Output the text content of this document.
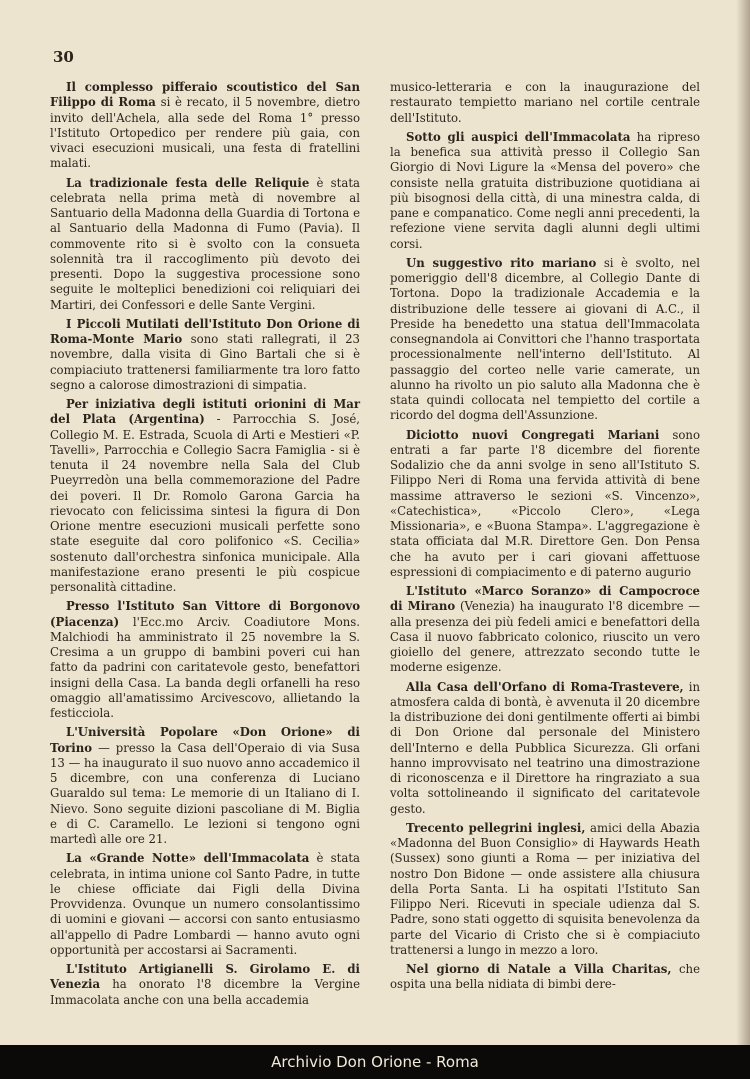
30

Il complesso pifferaio scoutistico del San Filippo di Roma si è recato, il 5 novembre, dietro invito dell'Achela, alla sede del Roma 1° presso l'Istituto Ortopedico per rendere più gaia, con vivaci esecuzioni musicali, una festa di fratellini malati.

La tradizionale festa delle Reliquie è stata celebrata nella prima metà di novembre al Santuario della Madonna della Guardia di Tortona e al Santuario della Madonna di Fumo (Pavia). Il commovente rito si è svolto con la consueta solennità tra il raccoglimento più devoto dei presenti. Dopo la suggestiva processione sono seguite le molteplici benedizioni coi reliquiari dei Martiri, dei Confessori e delle Sante Vergini.

I Piccoli Mutilati dell'Istituto Don Orione di Roma-Monte Mario sono stati rallegrati, il 23 novembre, dalla visita di Gino Bartali che si è compiaciuto trattenersi familiarmente tra loro fatto segno a calorose dimostrazioni di simpatia.

Per iniziativa degli istituti orionini di Mar del Plata (Argentina) - Parrocchia S. José, Collegio M. E. Estrada, Scuola di Arti e Mestieri «P. Tavelli», Parrocchia e Collegio Sacra Famiglia - si è tenuta il 24 novembre nella Sala del Club Pueyrredòn una bella commemorazione del Padre dei poveri. Il Dr. Romolo Garona Garcia ha rievocato con felicissima sintesi la figura di Don Orione mentre esecuzioni musicali perfette sono state eseguite dal coro polifonico «S. Cecilia» sostenuto dall'orchestra sinfonica municipale. Alla manifestazione erano presenti le più cospicue personalità cittadine.

Presso l'Istituto San Vittore di Borgonovo (Piacenza) l'Ecc.mo Arciv. Coadiutore Mons. Malchiodi ha amministrato il 25 novembre la S. Cresima a un gruppo di bambini poveri cui han fatto da padrini con caritatevole gesto, benefattori insigni della Casa. La banda degli orfanelli ha reso omaggio all'amatissimo Arcivescovo, allietando la festicciola.

L'Università Popolare «Don Orione» di Torino — presso la Casa dell'Operaio di via Susa 13 — ha inaugurato il suo nuovo anno accademico il 5 dicembre, con una conferenza di Luciano Guaraldo sul tema: Le memorie di un Italiano di I. Nievo. Sono seguite dizioni pascoliane di M. Biglia e di C. Caramello. Le lezioni si tengono ogni martedì alle ore 21.

La «Grande Notte» dell'Immacolata è stata celebrata, in intima unione col Santo Padre, in tutte le chiese officiate dai Figli della Divina Provvidenza. Ovunque un numero consolantissimo di uomini e giovani — accorsi con santo entusiasmo all'appello di Padre Lombardi — hanno avuto ogni opportunità per accostarsi ai Sacramenti.

L'Istituto Artigianelli S. Girolamo E. di Venezia ha onorato l'8 dicembre la Vergine Immacolata anche con una bella accademia

musico-letteraria e con la inaugurazione del restaurato tempietto mariano nel cortile centrale dell'Istituto.

Sotto gli auspici dell'Immacolata ha ripreso la benefica sua attività presso il Collegio San Giorgio di Novi Ligure la «Mensa del povero» che consiste nella gratuita distribuzione quotidiana ai più bisognosi della città, di una minestra calda, di pane e companatico. Come negli anni precedenti, la refezione viene servita dagli alunni degli ultimi corsi.

Un suggestivo rito mariano si è svolto, nel pomeriggio dell'8 dicembre, al Collegio Dante di Tortona. Dopo la tradizionale Accademia e la distribuzione delle tessere ai giovani di A.C., il Preside ha benedetto una statua dell'Immacolata consegnandola ai Convittori che l'hanno trasportata processionalmente nell'interno dell'Istituto. Al passaggio del corteo nelle varie camerate, un alunno ha rivolto un pio saluto alla Madonna che è stata quindi collocata nel tempietto del cortile a ricordo del dogma dell'Assunzione.

Diciotto nuovi Congregati Mariani sono entrati a far parte l'8 dicembre del fiorente Sodalizio che da anni svolge in seno all'Istituto S. Filippo Neri di Roma una fervida attività di bene massime attraverso le sezioni «S. Vincenzo», «Catechistica», «Piccolo Clero», «Lega Missionaria», e «Buona Stampa». L'aggregazione è stata officiata dal M.R. Direttore Gen. Don Pensa che ha avuto per i cari giovani affettuose espressioni di compiacimento e di paterno augurio

L'Istituto «Marco Soranzo» di Campocroce di Mirano (Venezia) ha inaugurato l'8 dicembre — alla presenza dei più fedeli amici e benefattori della Casa il nuovo fabbricato colonico, riuscito un vero gioiello del genere, attrezzato secondo tutte le moderne esigenze.

Alla Casa dell'Orfano di Roma-Trastevere, in atmosfera calda di bontà, è avvenuta il 20 dicembre la distribuzione dei doni gentilmente offerti ai bimbi di Don Orione dal personale del Ministero dell'Interno e della Pubblica Sicurezza. Gli orfani hanno improvvisato nel teatrino una dimostrazione di riconoscenza e il Direttore ha ringraziato a sua volta sottolineando il significato del caritatevole gesto.

Trecento pellegrini inglesi, amici della Abazia «Madonna del Buon Consiglio» di Haywards Heath (Sussex) sono giunti a Roma — per iniziativa del nostro Don Bidone — onde assistere alla chiusura della Porta Santa. Li ha ospitati l'Istituto San Filippo Neri. Ricevuti in speciale udienza dal S. Padre, sono stati oggetto di squisita benevolenza da parte del Vicario di Cristo che si è compiaciuto trattenersi a lungo in mezzo a loro.

Nel giorno di Natale a Villa Charitas, che ospita una bella nidiata di bimbi dere-

Archivio Don Orione - Roma
